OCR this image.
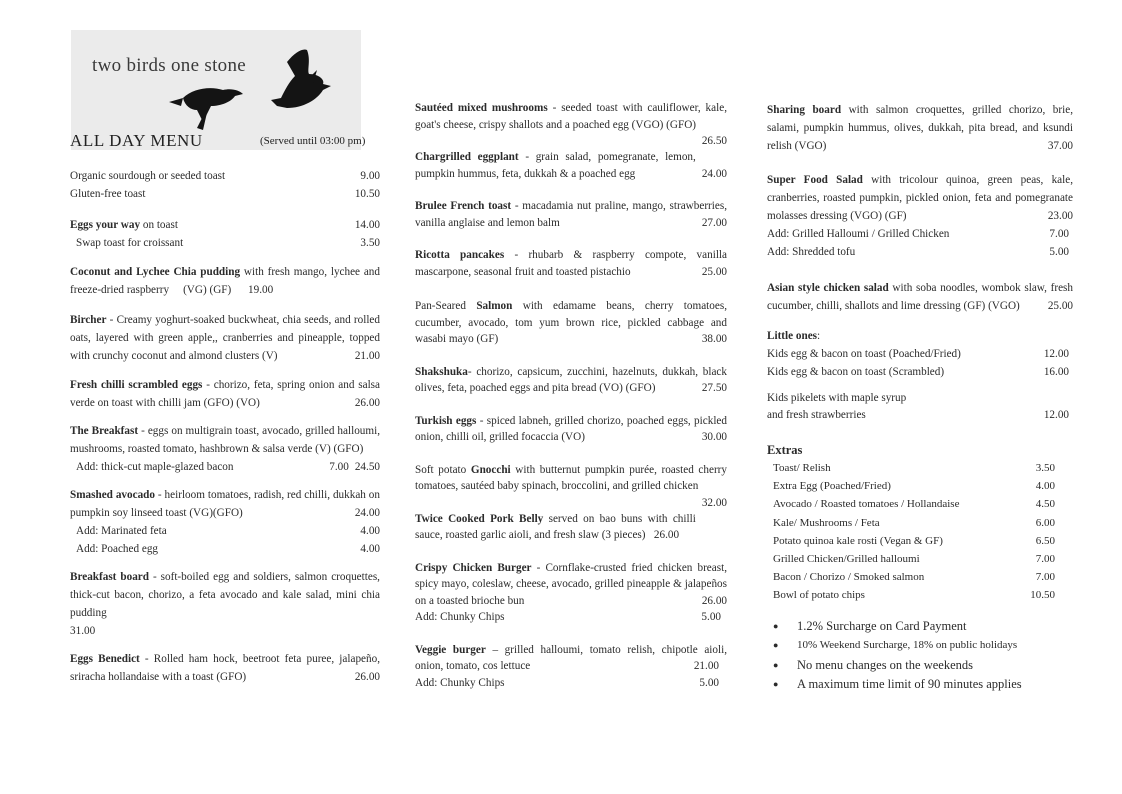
two birds one stone
ALL DAY MENU	(Served until 03:00 pm)
Organic sourdough or seeded toast	9.00
Gluten-free toast	10.50
Eggs your way on toast	14.00
Swap toast for croissant	3.50
Coconut and Lychee Chia pudding with fresh mango, lychee and freeze-dried raspberry (VG) (GF) 19.00
Bircher - Creamy yoghurt-soaked buckwheat, chia seeds, and rolled oats, layered with green apple,, cranberries and pineapple, topped with crunchy coconut and almond clusters (V)	21.00
Fresh chilli scrambled eggs - chorizo, feta, spring onion and salsa verde on toast with chilli jam (GFO) (VO)	26.00
The Breakfast - eggs on multigrain toast, avocado, grilled halloumi, mushrooms, roasted tomato, hashbrown & salsa verde (V) (GFO)
24.50
Add: thick-cut maple-glazed bacon	7.00
Smashed avocado - heirloom tomatoes, radish, red chilli, dukkah on pumpkin soy linseed toast (VG)(GFO)	24.00
Add: Marinated feta	4.00
Add: Poached egg	4.00
Breakfast board - soft-boiled egg and soldiers, salmon croquettes, thick-cut bacon, chorizo, a feta avocado and kale salad, mini chia pudding
31.00
Eggs Benedict - Rolled ham hock, beetroot feta puree, jalapeño, sriracha hollandaise with a toast (GFO)	26.00
Sautéed mixed mushrooms - seeded toast with cauliflower, kale, goat's cheese, crispy shallots and a poached egg (VGO) (GFO)
26.50
Chargrilled eggplant - grain salad, pomegranate, lemon, pumpkin hummus, feta, dukkah & a poached egg	24.00
Brulee French toast - macadamia nut praline, mango, strawberries, vanilla anglaise and lemon balm	27.00
Ricotta pancakes - rhubarb & raspberry compote, vanilla mascarpone, seasonal fruit and toasted pistachio	25.00
Pan-Seared Salmon with edamame beans, cherry tomatoes, cucumber, avocado, tom yum brown rice, pickled cabbage and wasabi mayo (GF)	38.00
Shakshuka- chorizo, capsicum, zucchini, hazelnuts, dukkah, black olives, feta, poached eggs and pita bread (VO) (GFO)	27.50
Turkish eggs - spiced labneh, grilled chorizo, poached eggs, pickled onion, chilli oil, grilled focaccia (VO)	30.00
Soft potato Gnocchi with butternut pumpkin purée, roasted cherry tomatoes, sautéed baby spinach, broccolini, and grilled chicken
32.00
Twice Cooked Pork Belly served on bao buns with chilli sauce, roasted garlic aioli, and fresh slaw (3 pieces) 26.00
Crispy Chicken Burger - Cornflake-crusted fried chicken breast, spicy mayo, coleslaw, cheese, avocado, grilled pineapple & jalapeños on a toasted brioche bun	26.00
Add: Chunky Chips	5.00
Veggie burger – grilled halloumi, tomato relish, chipotle aioli, onion, tomato, cos lettuce	21.00
Add: Chunky Chips	5.00
Sharing board with salmon croquettes, grilled chorizo, brie, salami, pumpkin hummus, olives, dukkah, pita bread, and ksundi relish (VGO)	37.00
Super Food Salad with tricolour quinoa, green peas, kale, cranberries, roasted pumpkin, pickled onion, feta and pomegranate molasses dressing (VGO) (GF)	23.00
Add: Grilled Halloumi / Grilled Chicken	7.00
Add: Shredded tofu	5.00
Asian style chicken salad with soba noodles, wombok slaw, fresh cucumber, chilli, shallots and lime dressing (GF) (VGO)	25.00
Little ones:
Kids egg & bacon on toast (Poached/Fried)	12.00
Kids egg & bacon on toast (Scrambled)	16.00
Kids pikelets with maple syrup
and fresh strawberries	12.00
Extras
Toast/ Relish	3.50
Extra Egg (Poached/Fried)	4.00
Avocado / Roasted tomatoes / Hollandaise	4.50
Kale/ Mushrooms / Feta	6.00
Potato quinoa kale rosti (Vegan & GF)	6.50
Grilled Chicken/Grilled halloumi	7.00
Bacon / Chorizo / Smoked salmon	7.00
Bowl of potato chips	10.50
● 1.2% Surcharge on Card Payment
● 10% Weekend Surcharge, 18% on public holidays
● No menu changes on the weekends
● A maximum time limit of 90 minutes applies
